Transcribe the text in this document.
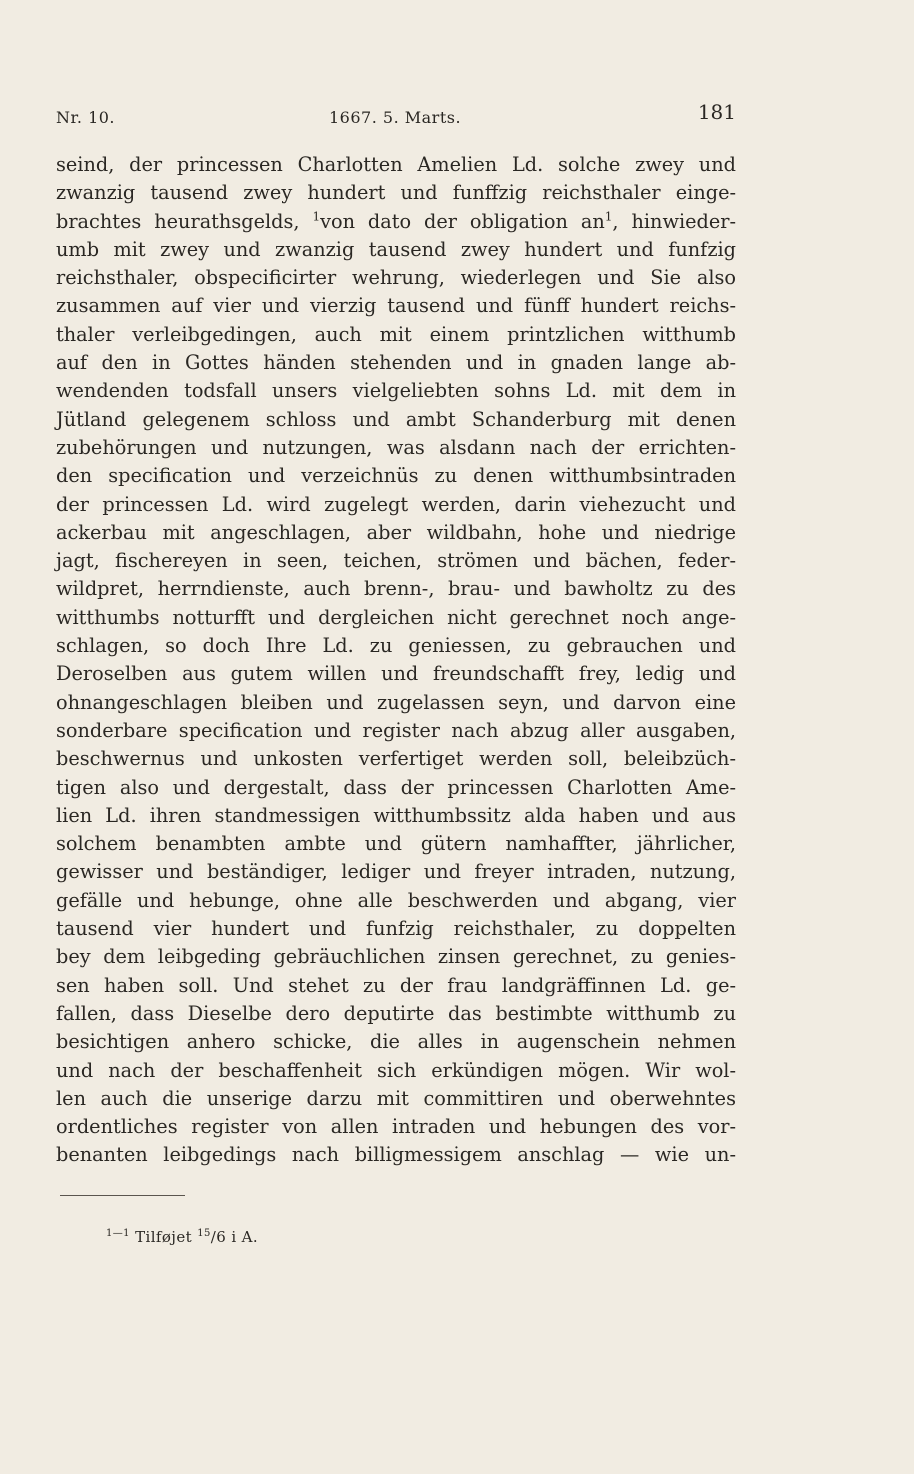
Nr. 10.	1667. 5. Marts.	181
seind, der princessen Charlotten Amelien Ld. solche zwey und
zwanzig tausend zwey hundert und funffzig reichsthaler einge-
brachtes heurathsgelds, $^1$von dato der obligation an$^1$, hinwieder-
umb mit zwey und zwanzig tausend zwey hundert und funfzig
reichsthaler, obspecificirter wehrung, wiederlegen und Sie also
zusammen auf vier und vierzig tausend und fünff hundert reichs-
thaler verleibgedingen, auch mit einem printzlichen witthumb
auf den in Gottes händen stehenden und in gnaden lange ab-
wendenden todsfall unsers vielgeliebten sohns Ld. mit dem in
Jütland gelegenem schloss und ambt Schanderburg mit denen
zubehörungen und nutzungen, was alsdann nach der errichten-
den specification und verzeichnüs zu denen witthumbsintraden
der princessen Ld. wird zugelegt werden, darin viehezucht und
ackerbau mit angeschlagen, aber wildbahn, hohe und niedrige
jagt, fischereyen in seen, teichen, strömen und bächen, feder-
wildpret, herrndienste, auch brenn-, brau- und bawholtz zu des
witthumbs notturfft und dergleichen nicht gerechnet noch ange-
schlagen, so doch Ihre Ld. zu geniessen, zu gebrauchen und
Deroselben aus gutem willen und freundschafft frey, ledig und
ohnangeschlagen bleiben und zugelassen seyn, und darvon eine
sonderbare specification und register nach abzug aller ausgaben,
beschwernus und unkosten verfertiget werden soll, beleibzüch-
tigen also und dergestalt, dass der princessen Charlotten Ame-
lien Ld. ihren standmessigen witthumbssitz alda haben und aus
solchem benambten ambte und gütern namhaffter, jährlicher,
gewisser und beständiger, lediger und freyer intraden, nutzung,
gefälle und hebunge, ohne alle beschwerden und abgang, vier
tausend vier hundert und funfzig reichsthaler, zu doppelten
bey dem leibgeding gebräuchlichen zinsen gerechnet, zu genies-
sen haben soll. Und stehet zu der frau landgräffinnen Ld. ge-
fallen, dass Dieselbe dero deputirte das bestimbte witthumb zu
besichtigen anhero schicke, die alles in augenschein nehmen
und nach der beschaffenheit sich erkündigen mögen. Wir wol-
len auch die unserige darzu mit committiren und oberwehntes
ordentliches register von allen intraden und hebungen des vor-
benanten leibgedings nach billigmessigem anschlag — wie un-
$^{1—1}$ Tilføjet $^{15}$/6 i A.
